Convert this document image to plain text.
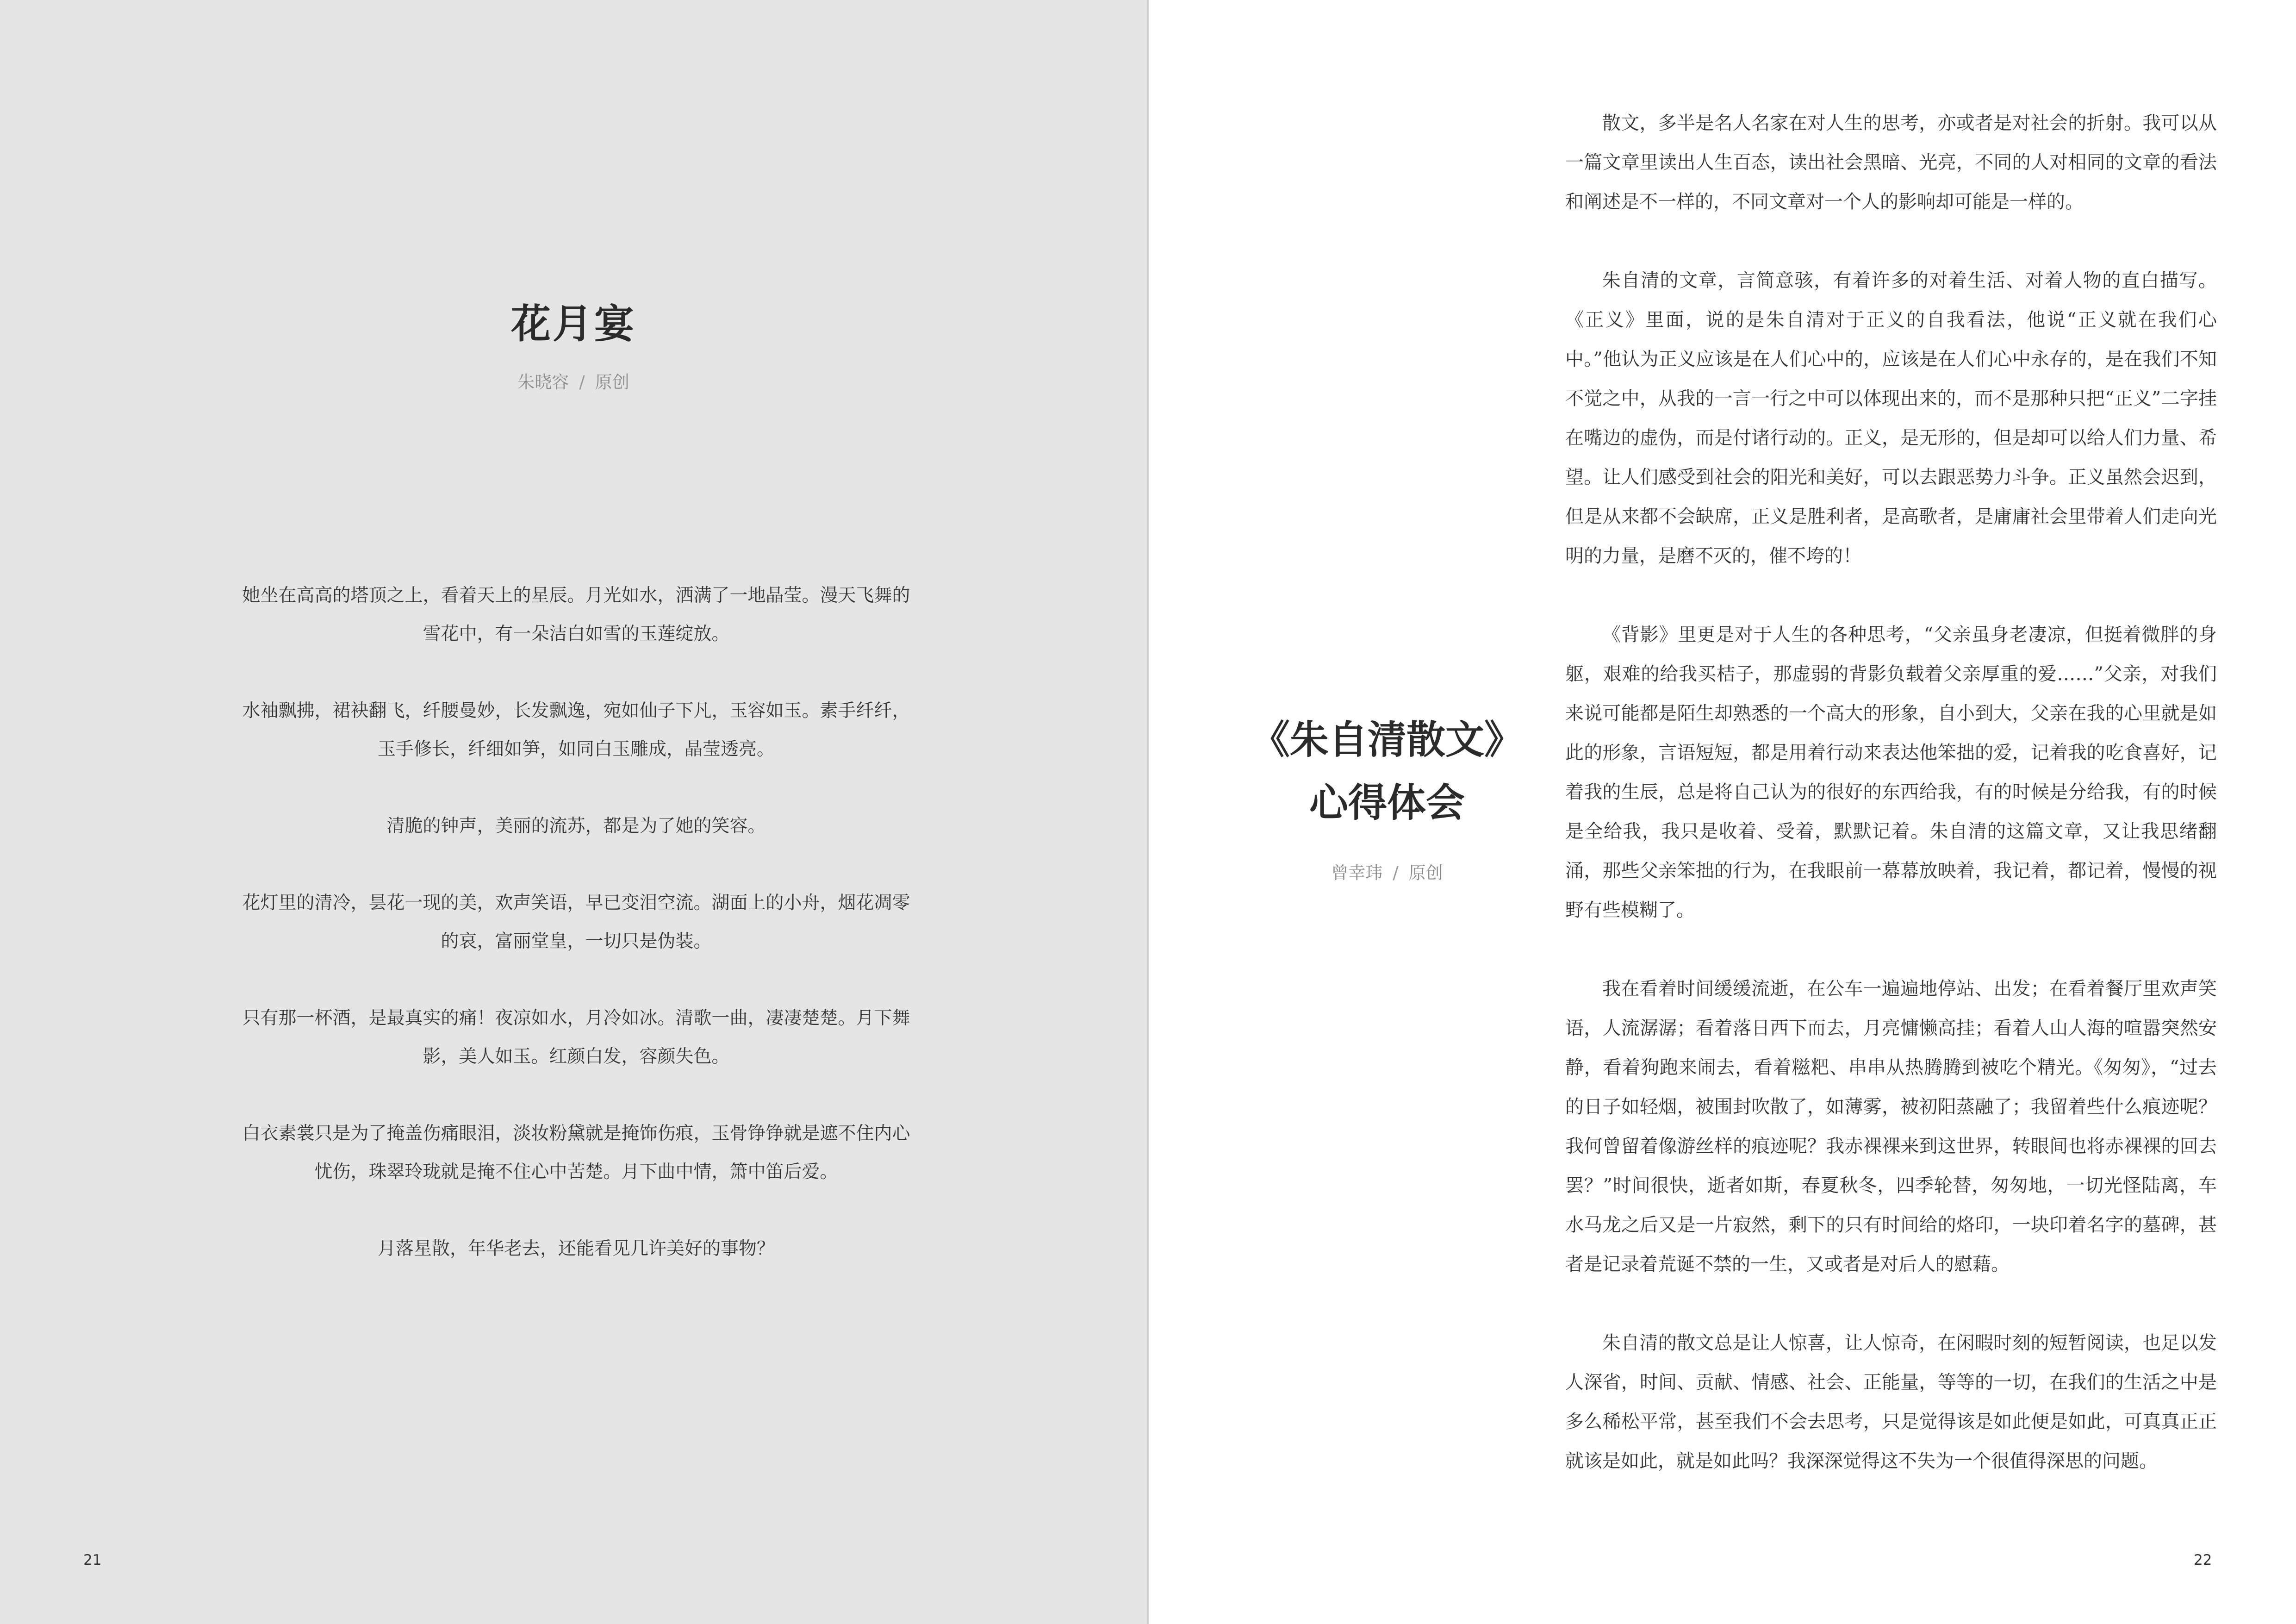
花月宴
朱晓容 / 原创

她坐在高高的塔顶之上，看着天上的星辰。月光如水，洒满了一地晶莹。漫天飞舞的雪花中，有一朵洁白如雪的玉莲绽放。

水袖飘拂，裙袂翻飞，纤腰曼妙，长发飘逸，宛如仙子下凡，玉容如玉。素手纤纤，玉手修长，纤细如笋，如同白玉雕成，晶莹透亮。

清脆的钟声，美丽的流苏，都是为了她的笑容。

花灯里的清冷，昙花一现的美，欢声笑语，早已变泪空流。湖面上的小舟，烟花凋零的哀，富丽堂皇，一切只是伪装。

只有那一杯酒，是最真实的痛！夜凉如水，月冷如冰。清歌一曲，凄凄楚楚。月下舞影，美人如玉。红颜白发，容颜失色。

白衣素裳只是为了掩盖伤痛眼泪，淡妆粉黛就是掩饰伤痕，玉骨铮铮就是遮不住内心忧伤，珠翠玲珑就是掩不住心中苦楚。月下曲中情，箫中笛后爱。

月落星散，年华老去，还能看见几许美好的事物？

21
《朱自清散文》
心得体会
曾幸玮 / 原创

散文，多半是名人名家在对人生的思考，亦或者是对社会的折射。我可以从一篇文章里读出人生百态，读出社会黑暗、光亮，不同的人对相同的文章的看法和阐述是不一样的，不同文章对一个人的影响却可能是一样的。

朱自清的文章，言简意骇，有着许多的对着生活、对着人物的直白描写。《正义》里面，说的是朱自清对于正义的自我看法，他说“正义就在我们心中。”他认为正义应该是在人们心中的，应该是在人们心中永存的，是在我们不知不觉之中，从我的一言一行之中可以体现出来的，而不是那种只把“正义”二字挂在嘴边的虚伪，而是付诸行动的。正义，是无形的，但是却可以给人们力量、希望。让人们感受到社会的阳光和美好，可以去跟恶势力斗争。正义虽然会迟到，但是从来都不会缺席，正义是胜利者，是高歌者，是庸庸社会里带着人们走向光明的力量，是磨不灭的，催不垮的！

《背影》里更是对于人生的各种思考，“父亲虽身老凄凉，但挺着微胖的身躯，艰难的给我买桔子，那虚弱的背影负载着父亲厚重的爱……”父亲，对我们来说可能都是陌生却熟悉的一个高大的形象，自小到大，父亲在我的心里就是如此的形象，言语短短，都是用着行动来表达他笨拙的爱，记着我的吃食喜好，记着我的生辰，总是将自己认为的很好的东西给我，有的时候是分给我，有的时候是全给我，我只是收着、受着，默默记着。朱自清的这篇文章，又让我思绪翻涌，那些父亲笨拙的行为，在我眼前一幕幕放映着，我记着，都记着，慢慢的视野有些模糊了。

我在看着时间缓缓流逝，在公车一遍遍地停站、出发；在看着餐厅里欢声笑语，人流潺潺；看着落日西下而去，月亮慵懒高挂；看着人山人海的喧嚣突然安静，看着狗跑来闹去，看着糍粑、串串从热腾腾到被吃个精光。《匆匆》，“过去的日子如轻烟，被围封吹散了，如薄雾，被初阳蒸融了；我留着些什么痕迹呢？我何曾留着像游丝样的痕迹呢？我赤裸裸来到这世界，转眼间也将赤裸裸的回去罢？”时间很快，逝者如斯，春夏秋冬，四季轮替，匆匆地，一切光怪陆离，车水马龙之后又是一片寂然，剩下的只有时间给的烙印，一块印着名字的墓碑，甚者是记录着荒诞不禁的一生，又或者是对后人的慰藉。

朱自清的散文总是让人惊喜，让人惊奇，在闲暇时刻的短暂阅读，也足以发人深省，时间、贡献、情感、社会、正能量，等等的一切，在我们的生活之中是多么稀松平常，甚至我们不会去思考，只是觉得该是如此便是如此，可真真正正就该是如此，就是如此吗？我深深觉得这不失为一个很值得深思的问题。

22
